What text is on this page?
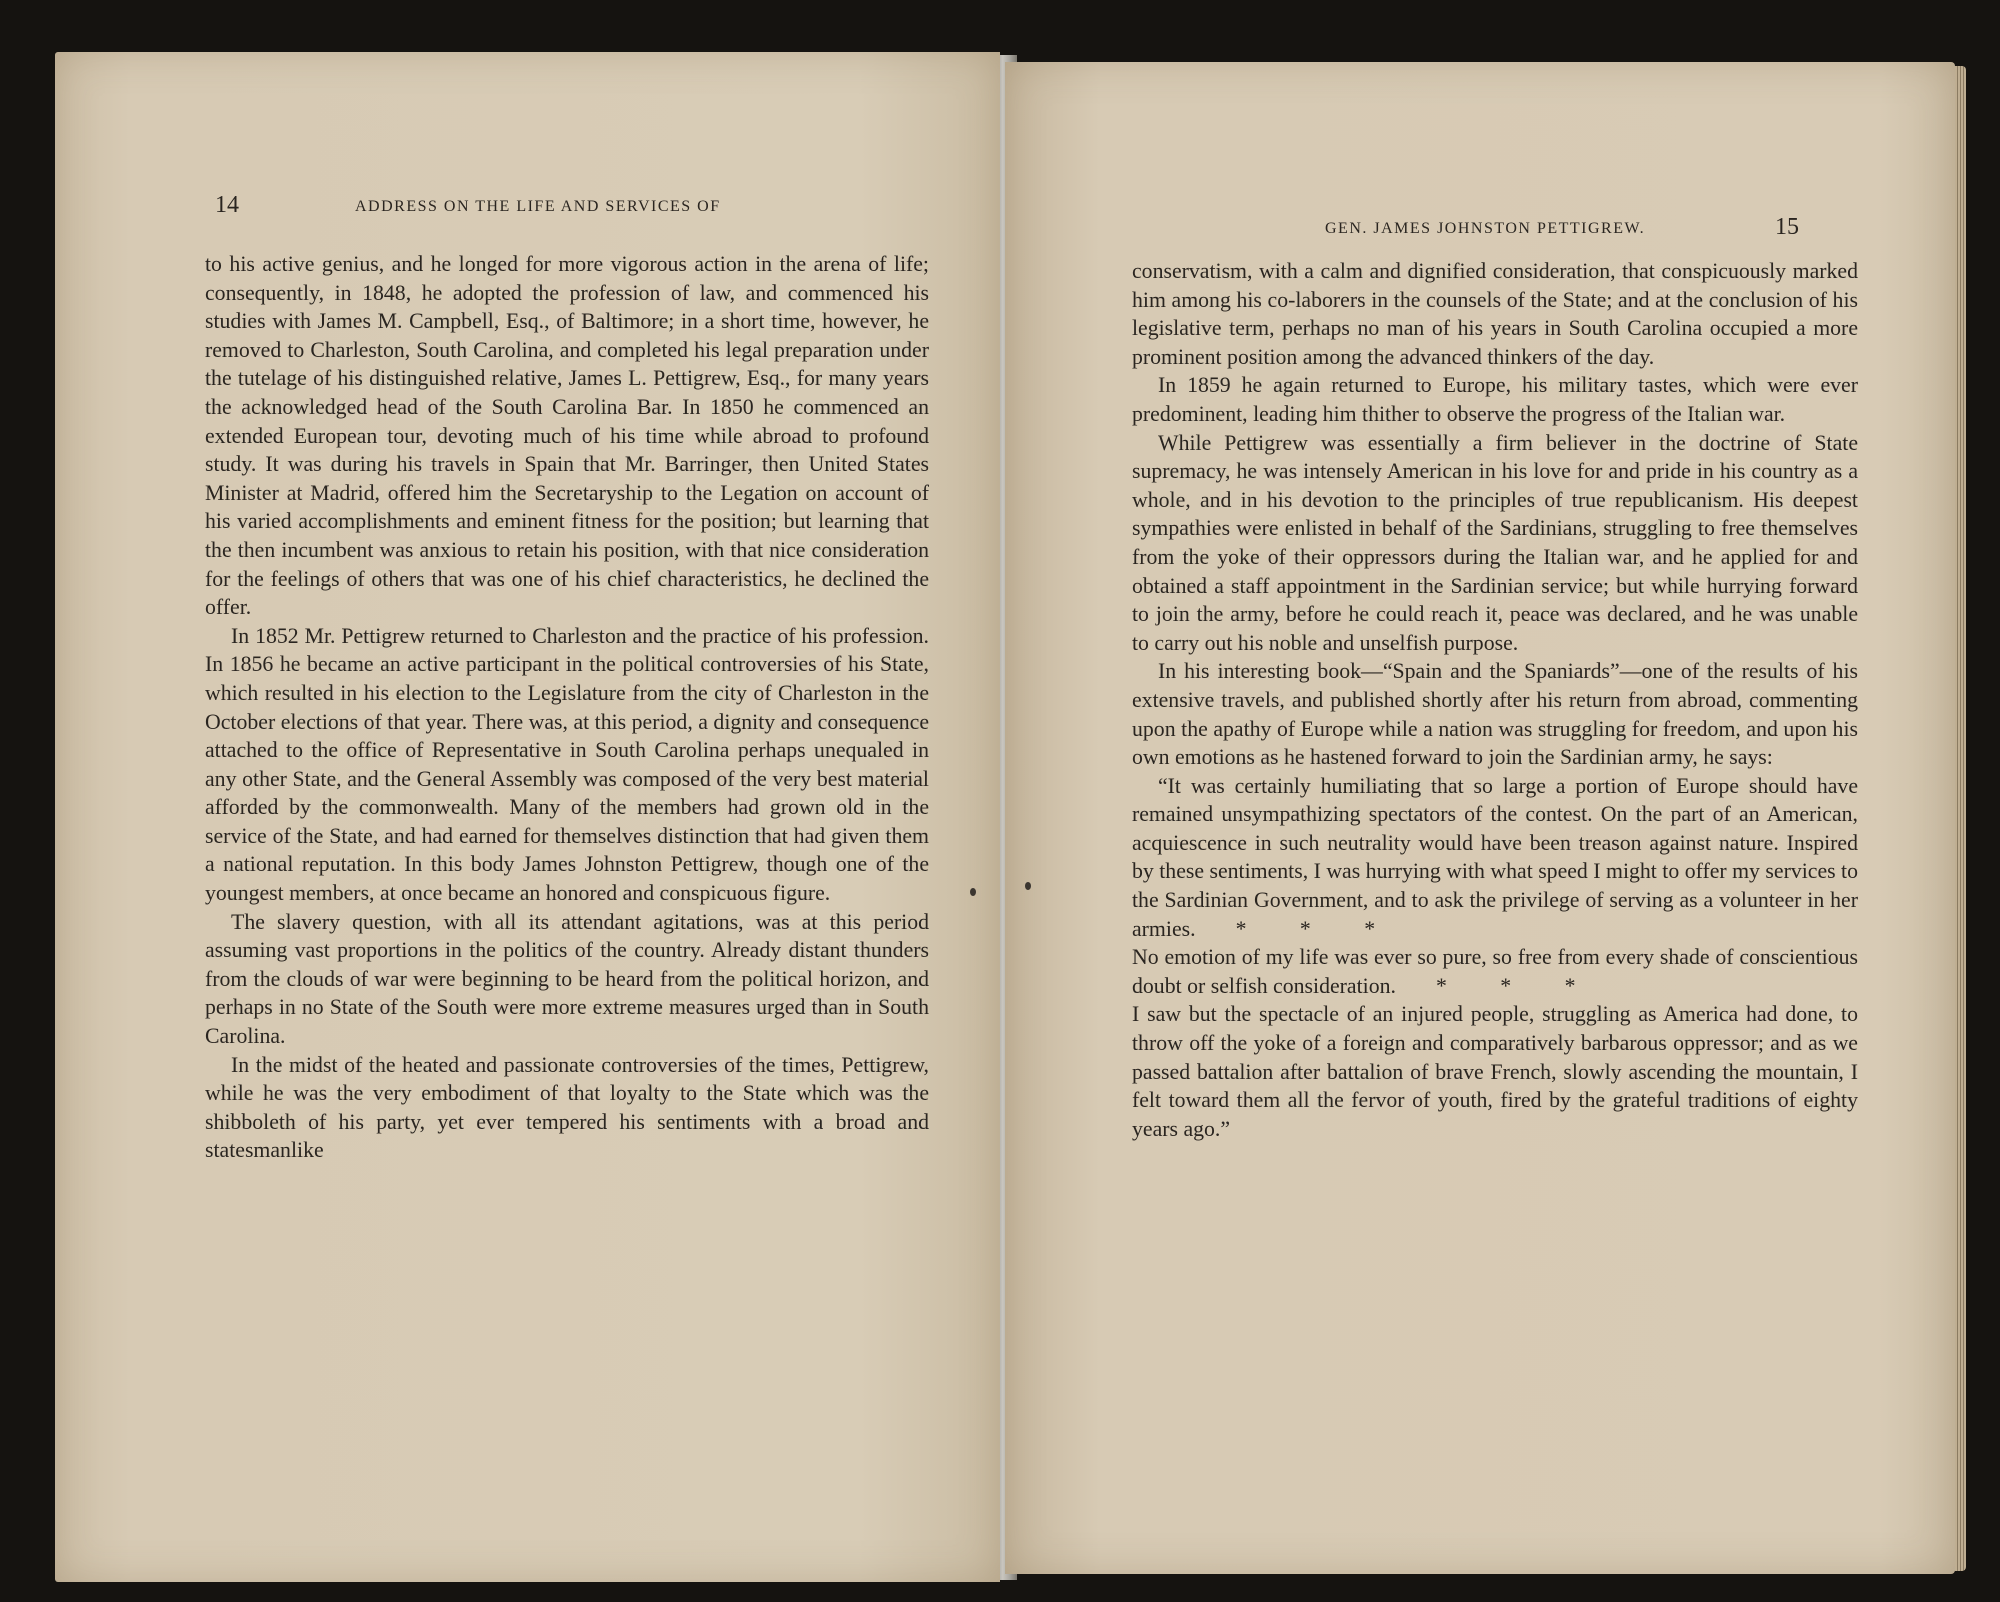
14	ADDRESS ON THE LIFE AND SERVICES OF

to his active genius, and he longed for more vigorous action in the arena of life; consequently, in 1848, he adopted the profession of law, and commenced his studies with James M. Campbell, Esq., of Baltimore; in a short time, however, he removed to Charleston, South Carolina, and completed his legal preparation under the tutelage of his distinguished relative, James L. Pettigrew, Esq., for many years the acknowledged head of the South Carolina Bar. In 1850 he commenced an extended European tour, devoting much of his time while abroad to profound study. It was during his travels in Spain that Mr. Barringer, then United States Minister at Madrid, offered him the Secretaryship to the Legation on account of his varied accomplishments and eminent fitness for the position; but learning that the then incumbent was anxious to retain his position, with that nice consideration for the feelings of others that was one of his chief characteristics, he declined the offer.

In 1852 Mr. Pettigrew returned to Charleston and the practice of his profession. In 1856 he became an active participant in the political controversies of his State, which resulted in his election to the Legislature from the city of Charleston in the October elections of that year. There was, at this period, a dignity and consequence attached to the office of Representative in South Carolina perhaps unequaled in any other State, and the General Assembly was composed of the very best material afforded by the commonwealth. Many of the members had grown old in the service of the State, and had earned for themselves distinction that had given them a national reputation. In this body James Johnston Pettigrew, though one of the youngest members, at once became an honored and conspicuous figure.

The slavery question, with all its attendant agitations, was at this period assuming vast proportions in the politics of the country. Already distant thunders from the clouds of war were beginning to be heard from the political horizon, and perhaps in no State of the South were more extreme measures urged than in South Carolina.

In the midst of the heated and passionate controversies of the times, Pettigrew, while he was the very embodiment of that loyalty to the State which was the shibboleth of his party, yet ever tempered his sentiments with a broad and statesmanlike

GEN. JAMES JOHNSTON PETTIGREW.	15

conservatism, with a calm and dignified consideration, that conspicuously marked him among his co-laborers in the counsels of the State; and at the conclusion of his legislative term, perhaps no man of his years in South Carolina occupied a more prominent position among the advanced thinkers of the day.

In 1859 he again returned to Europe, his military tastes, which were ever predominent, leading him thither to observe the progress of the Italian war.

While Pettigrew was essentially a firm believer in the doctrine of State supremacy, he was intensely American in his love for and pride in his country as a whole, and in his devotion to the principles of true republicanism. His deepest sympathies were enlisted in behalf of the Sardinians, struggling to free themselves from the yoke of their oppressors during the Italian war, and he applied for and obtained a staff appointment in the Sardinian service; but while hurrying forward to join the army, before he could reach it, peace was declared, and he was unable to carry out his noble and unselfish purpose.

In his interesting book—“Spain and the Spaniards”—one of the results of his extensive travels, and published shortly after his return from abroad, commenting upon the apathy of Europe while a nation was struggling for freedom, and upon his own emotions as he hastened forward to join the Sardinian army, he says:

“It was certainly humiliating that so large a portion of Europe should have remained unsympathizing spectators of the contest. On the part of an American, acquiescence in such neutrality would have been treason against nature. Inspired by these sentiments, I was hurrying with what speed I might to offer my services to the Sardinian Government, and to ask the privilege of serving as a volunteer in her armies. * * *

No emotion of my life was ever so pure, so free from every shade of conscientious doubt or selfish consideration. * * *

I saw but the spectacle of an injured people, struggling as America had done, to throw off the yoke of a foreign and comparatively barbarous oppressor; and as we passed battalion after battalion of brave French, slowly ascending the mountain, I felt toward them all the fervor of youth, fired by the grateful traditions of eighty years ago.”
